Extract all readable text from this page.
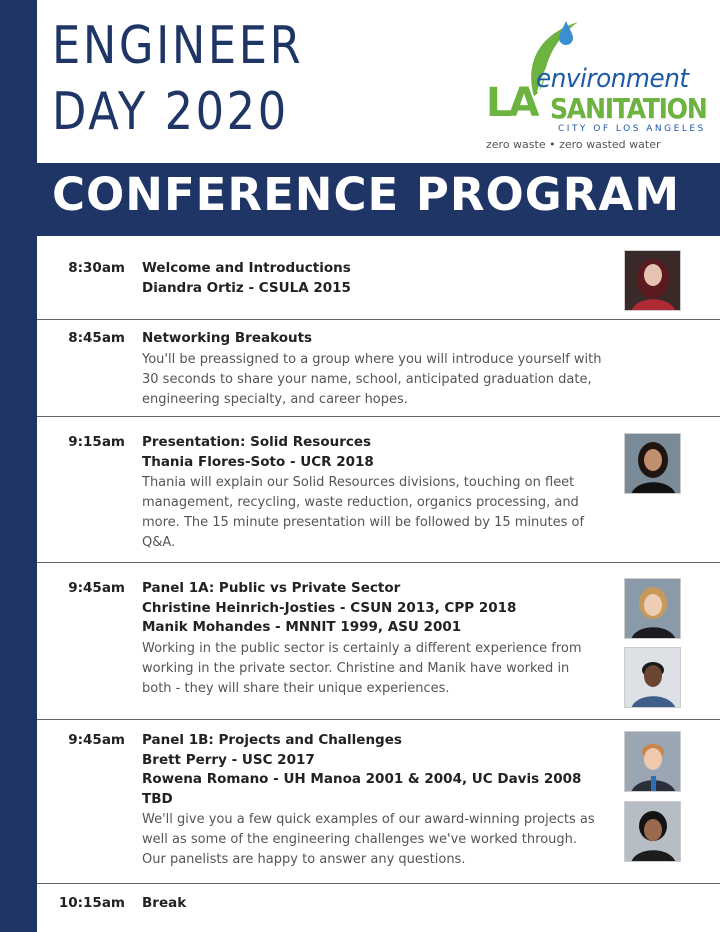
ENGINEER
DAY 2020
environment
LA SANITATION
CITY OF LOS ANGELES
zero waste • zero wasted water
CONFERENCE PROGRAM
8:30am Welcome and Introductions
Diandra Ortiz - CSULA 2015
8:45am Networking Breakouts
You'll be preassigned to a group where you will introduce yourself with 30 seconds to share your name, school, anticipated graduation date, engineering specialty, and career hopes.
9:15am Presentation: Solid Resources
Thania Flores-Soto - UCR 2018
Thania will explain our Solid Resources divisions, touching on fleet management, recycling, waste reduction, organics processing, and more. The 15 minute presentation will be followed by 15 minutes of Q&A.
9:45am Panel 1A: Public vs Private Sector
Christine Heinrich-Josties - CSUN 2013, CPP 2018
Manik Mohandes - MNNIT 1999, ASU 2001
Working in the public sector is certainly a different experience from working in the private sector. Christine and Manik have worked in both - they will share their unique experiences.
9:45am Panel 1B: Projects and Challenges
Brett Perry - USC 2017
Rowena Romano - UH Manoa 2001 & 2004, UC Davis 2008
TBD
We'll give you a few quick examples of our award-winning projects as well as some of the engineering challenges we've worked through. Our panelists are happy to answer any questions.
10:15am Break
